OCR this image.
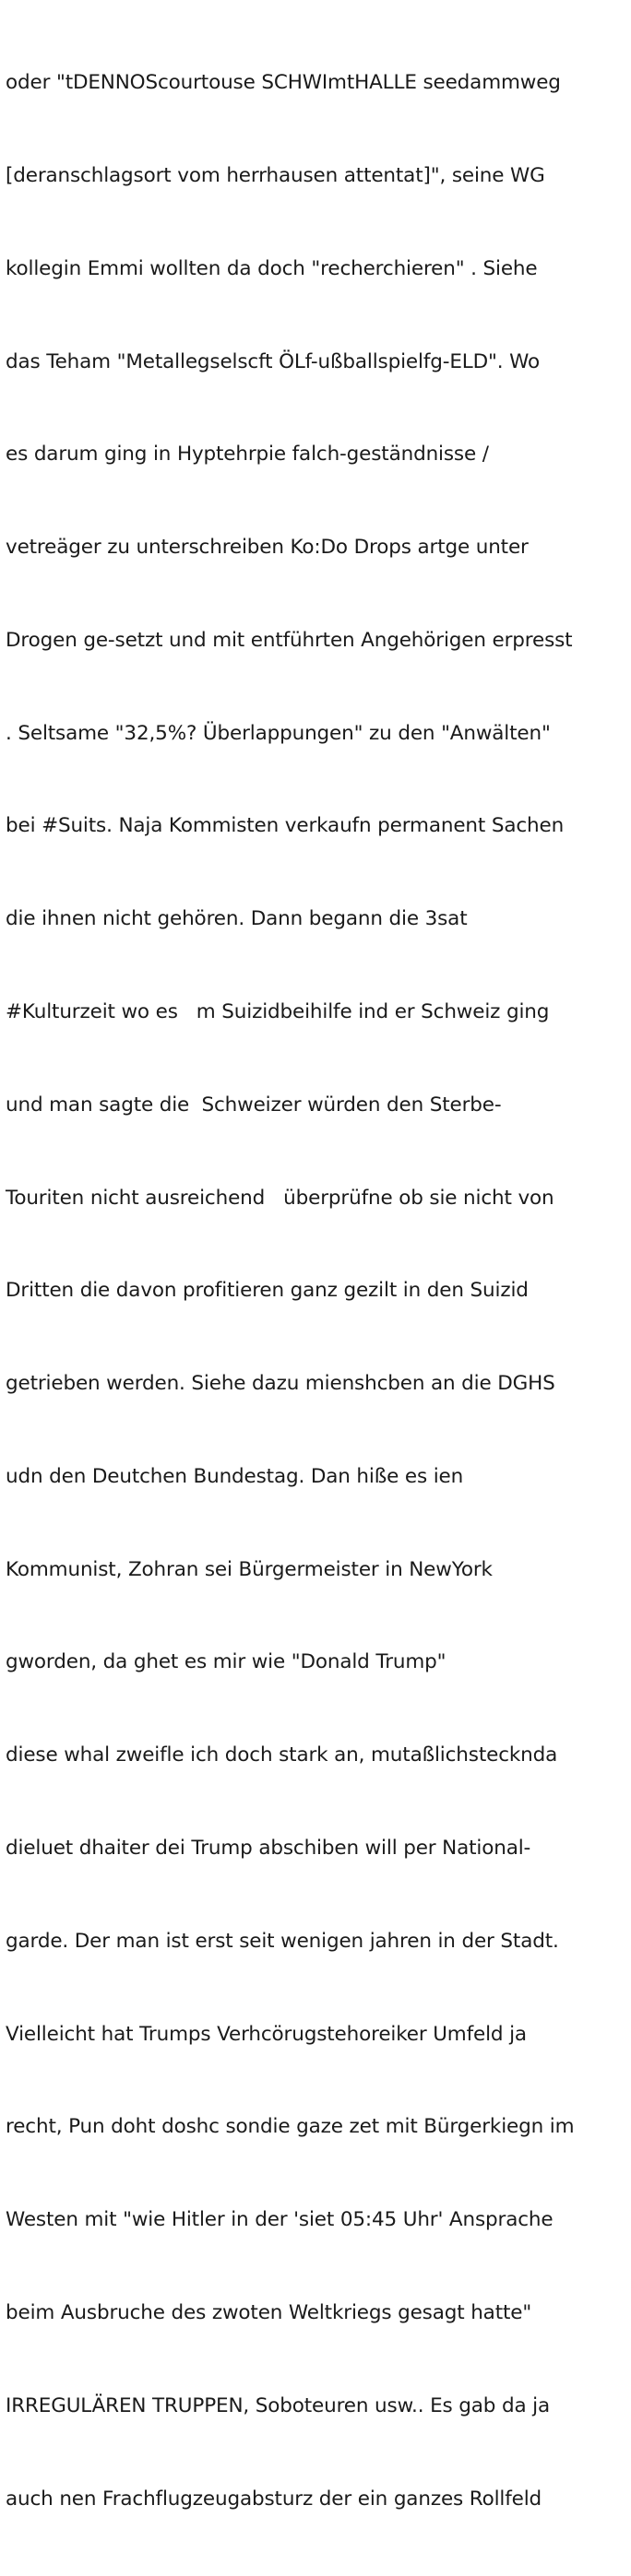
oder "tDENNOScourtouse SCHWImtHALLE seedammweg

[deranschlagsort vom herrhausen attentat]", seine WG

kollegin Emmi wollten da doch "recherchieren" . Siehe

das Teham "Metallegselscft ÖLf-ußballspielfg-ELD". Wo

es darum ging in Hyptehrpie falch-geständnisse /

vetreäger zu unterschreiben Ko:Do Drops artge unter

Drogen ge-setzt und mit entführten Angehörigen erpresst

. Seltsame "32,5%? Überlappungen" zu den "Anwälten"

bei #Suits. Naja Kommisten verkaufn permanent Sachen

die ihnen nicht gehören. Dann begann die 3sat

#Kulturzeit wo es   m Suizidbeihilfe ind er Schweiz ging

und man sagte die  Schweizer würden den Sterbe-

Touriten nicht ausreichend   überprüfne ob sie nicht von

Dritten die davon profitieren ganz gezilt in den Suizid

getrieben werden. Siehe dazu mienshcben an die DGHS

udn den Deutchen Bundestag. Dan hiße es ien

Kommunist, Zohran sei Bürgermeister in NewYork

gworden, da ghet es mir wie "Donald Trump"

diese whal zweifle ich doch stark an, mutaßlichstecknda

dieluet dhaiter dei Trump abschiben will per National-

garde. Der man ist erst seit wenigen jahren in der Stadt.

Vielleicht hat Trumps Verhcörugstehoreiker Umfeld ja

recht, Pun doht doshc sondie gaze zet mit Bürgerkiegn im

Westen mit "wie Hitler in der 'siet 05:45 Uhr' Ansprache

beim Ausbruche des zwoten Weltkriegs gesagt hatte"

IRREGULÄREN TRUPPEN, Soboteuren usw.. Es gab da ja

auch nen Frachflugzeugabsturz der ein ganzes Rollfeld
